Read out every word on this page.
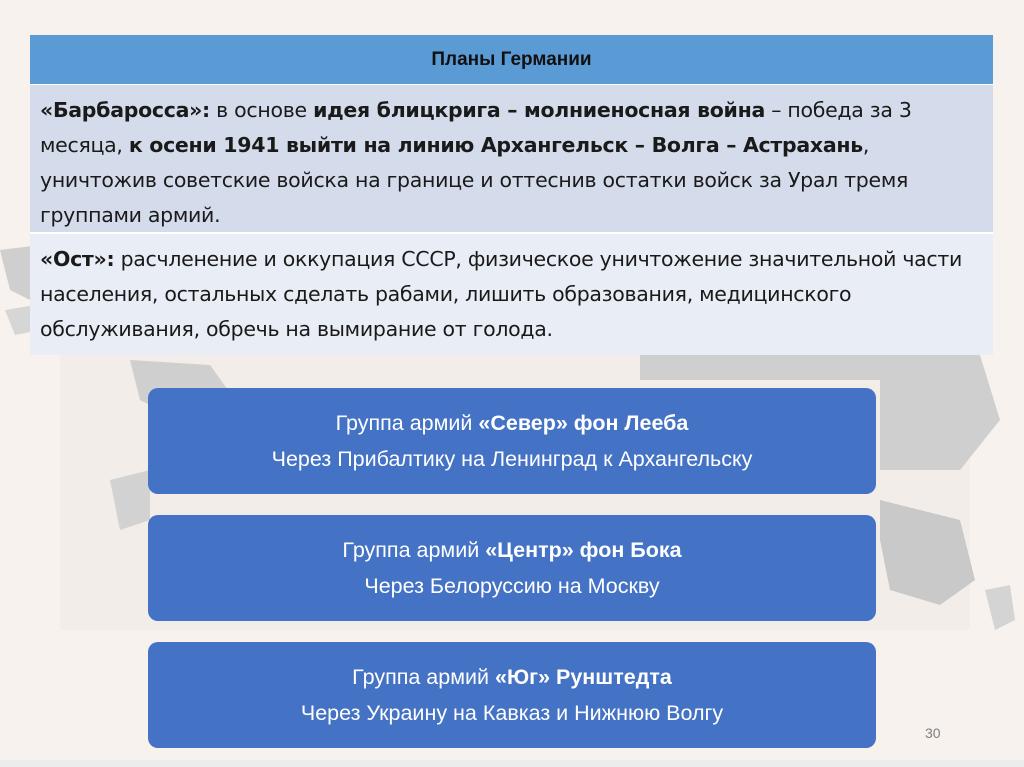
Планы Германии
«Барбаросса»: в основе идея блицкрига – молниеносная война – победа за 3 месяца, к осени 1941 выйти на линию Архангельск – Волга – Астрахань, уничтожив советские войска на границе и оттеснив остатки войск за Урал тремя группами армий.
«Ост»: расчленение и оккупация СССР, физическое уничтожение значительной части населения, остальных сделать рабами, лишить образования, медицинского обслуживания, обречь на вымирание от голода.
Группа армий «Север» фон Лееба
Через Прибалтику на Ленинград к Архангельску
Группа армий «Центр» фон Бока
Через Белоруссию на Москву
Группа армий «Юг» Рунштедта
Через Украину на Кавказ и Нижнюю Волгу
30
